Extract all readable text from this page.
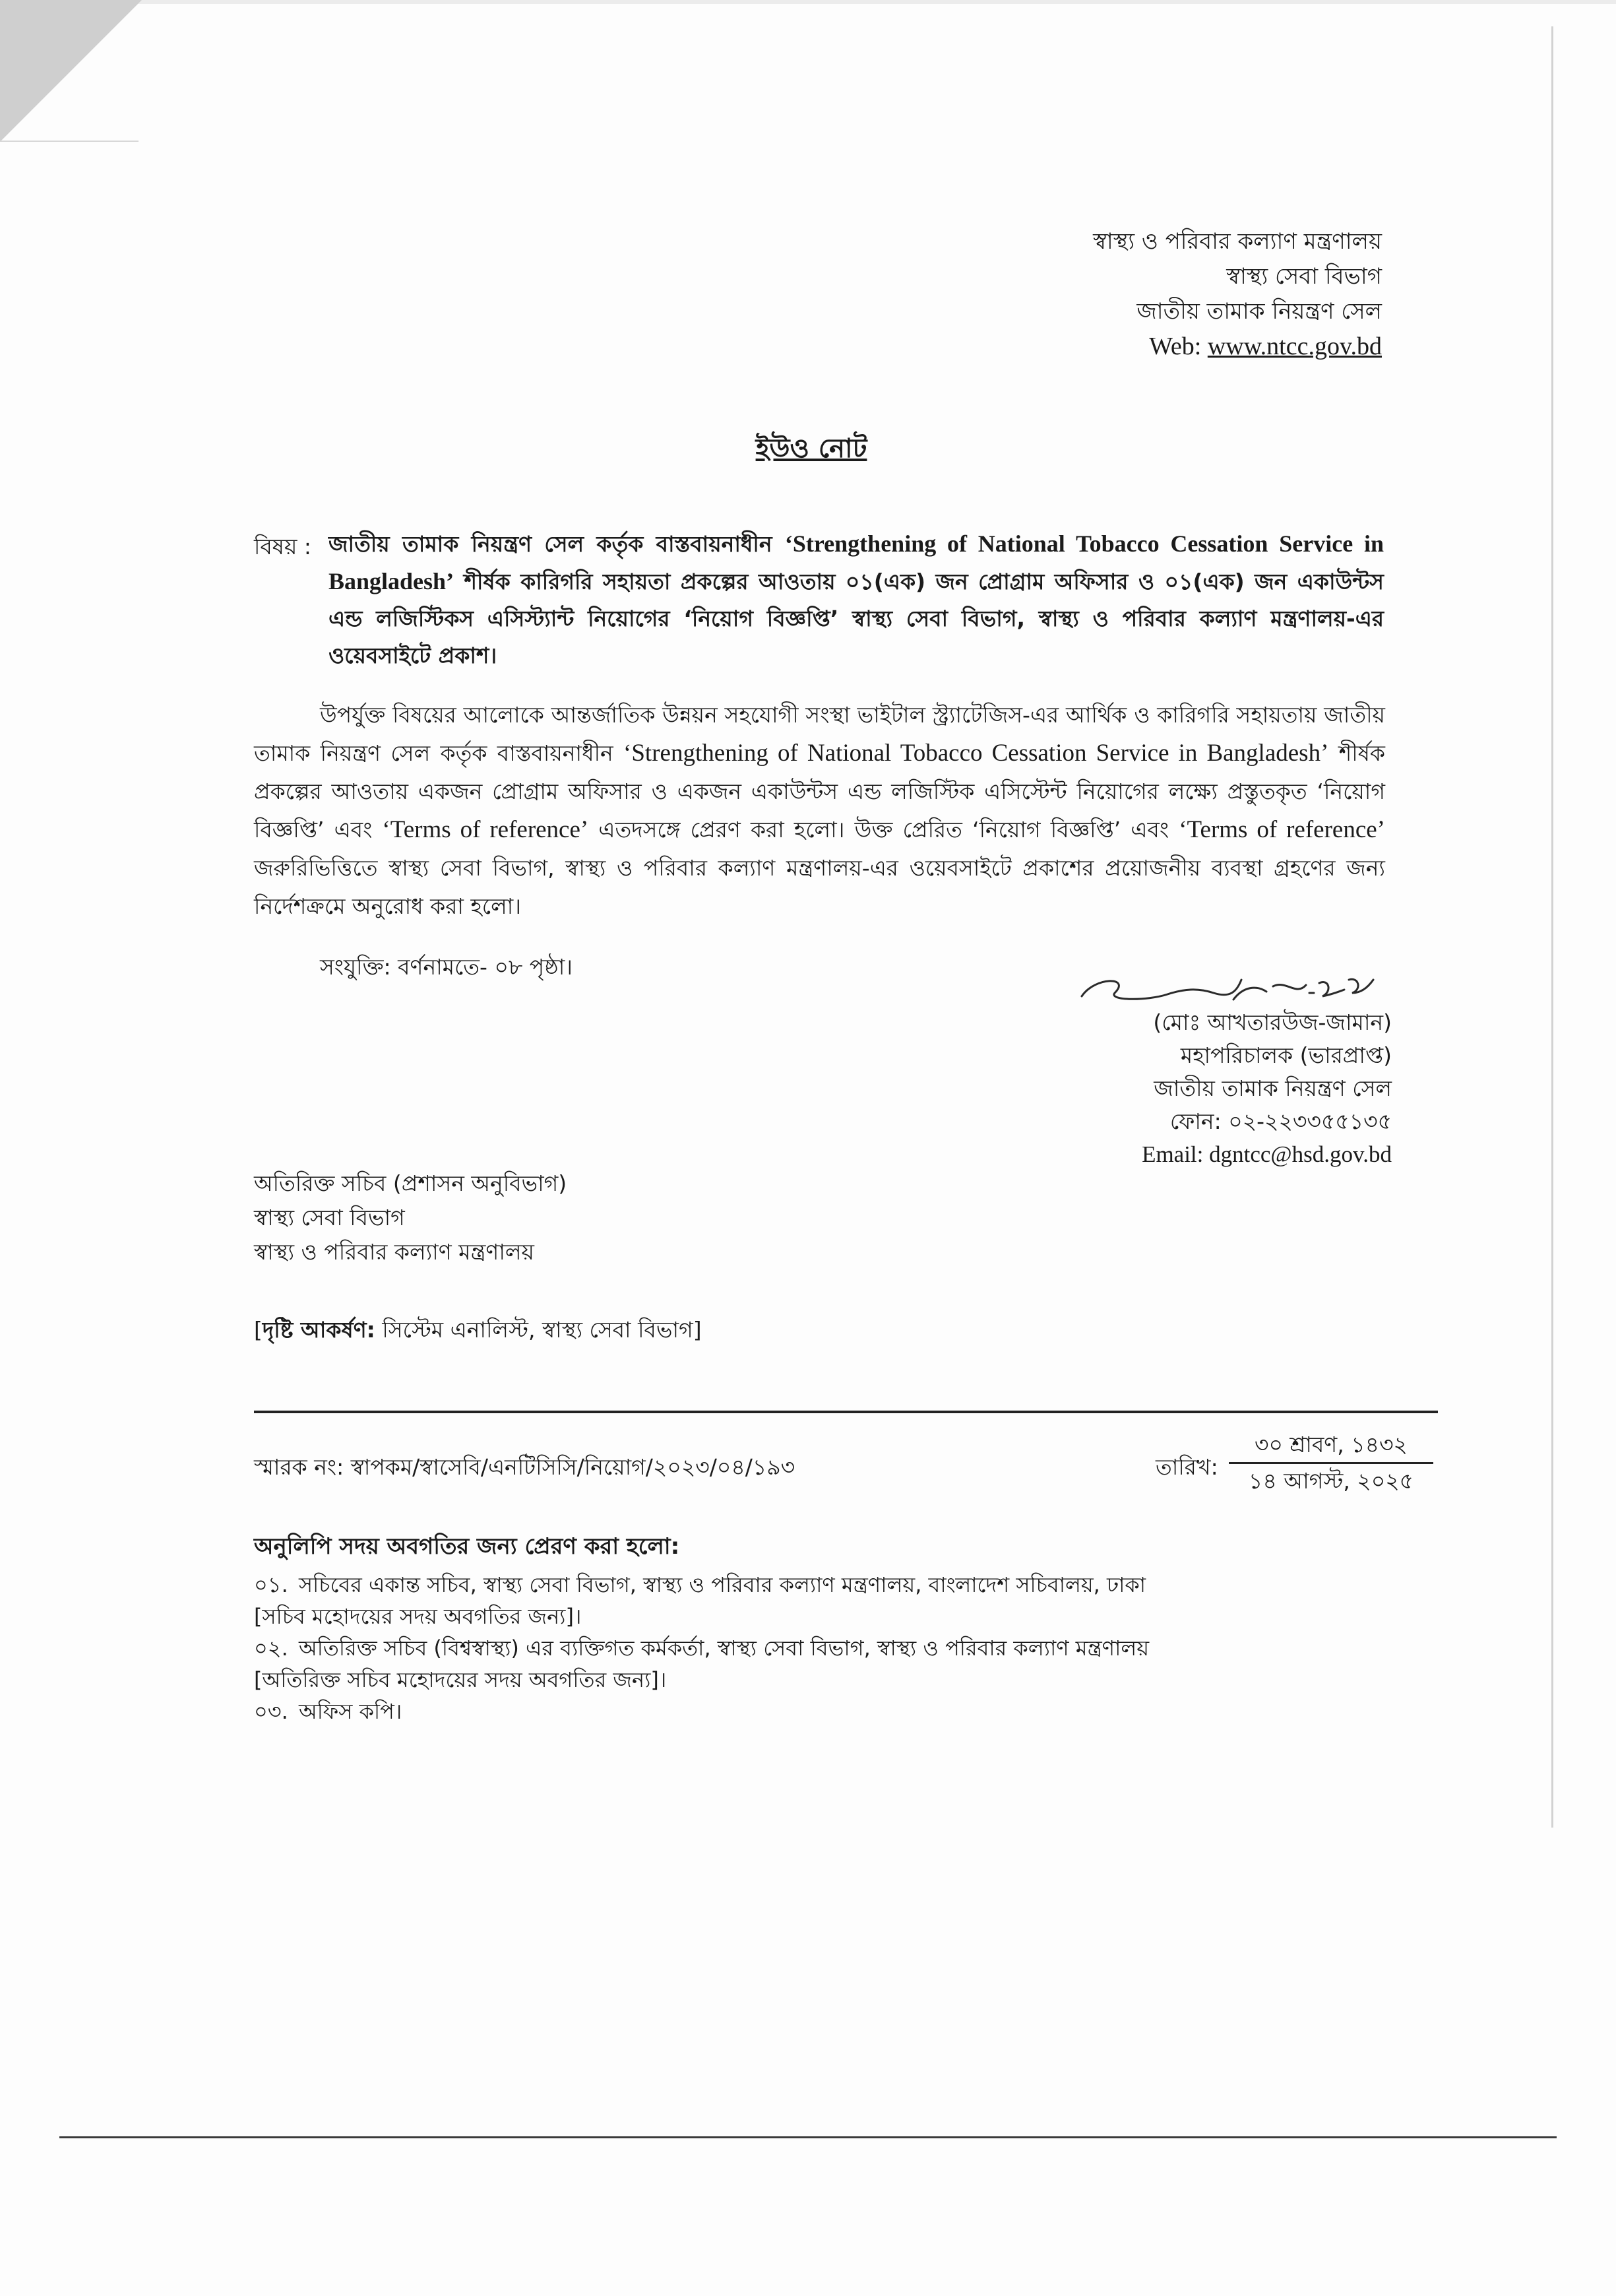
স্বাস্থ্য ও পরিবার কল্যাণ মন্ত্রণালয়
স্বাস্থ্য সেবা বিভাগ
জাতীয় তামাক নিয়ন্ত্রণ সেল
Web: www.ntcc.gov.bd
ইউও নোট
বিষয় : জাতীয় তামাক নিয়ন্ত্রণ সেল কর্তৃক বাস্তবায়নাধীন ‘Strengthening of National Tobacco Cessation Service in Bangladesh’ শীর্ষক কারিগরি সহায়তা প্রকল্পের আওতায় ০১(এক) জন প্রোগ্রাম অফিসার ও ০১(এক) জন একাউন্টস এন্ড লজিস্টিকস এসিস্ট্যান্ট নিয়োগের ‘নিয়োগ বিজ্ঞপ্তি’ স্বাস্থ্য সেবা বিভাগ, স্বাস্থ্য ও পরিবার কল্যাণ মন্ত্রণালয়-এর ওয়েবসাইটে প্রকাশ।
উপর্যুক্ত বিষয়ের আলোকে আন্তর্জাতিক উন্নয়ন সহযোগী সংস্থা ভাইটাল স্ট্র্যাটেজিস-এর আর্থিক ও কারিগরি সহায়তায় জাতীয় তামাক নিয়ন্ত্রণ সেল কর্তৃক বাস্তবায়নাধীন ‘Strengthening of National Tobacco Cessation Service in Bangladesh’ শীর্ষক প্রকল্পের আওতায় একজন প্রোগ্রাম অফিসার ও একজন একাউন্টস এন্ড লজিস্টিক এসিস্টেন্ট নিয়োগের লক্ষ্যে প্রস্তুতকৃত ‘নিয়োগ বিজ্ঞপ্তি’ এবং ‘Terms of reference’ এতদসঙ্গে প্রেরণ করা হলো। উক্ত প্রেরিত ‘নিয়োগ বিজ্ঞপ্তি’ এবং ‘Terms of reference’ জরুরিভিত্তিতে স্বাস্থ্য সেবা বিভাগ, স্বাস্থ্য ও পরিবার কল্যাণ মন্ত্রণালয়-এর ওয়েবসাইটে প্রকাশের প্রয়োজনীয় ব্যবস্থা গ্রহণের জন্য নির্দেশক্রমে অনুরোধ করা হলো।
সংযুক্তি: বর্ণনামতে- ০৮ পৃষ্ঠা।
(মোঃ আখতারউজ-জামান)
মহাপরিচালক (ভারপ্রাপ্ত)
জাতীয় তামাক নিয়ন্ত্রণ সেল
ফোন: ০২-২২৩৩৫৫১৩৫
Email: dgntcc@hsd.gov.bd
অতিরিক্ত সচিব (প্রশাসন অনুবিভাগ)
স্বাস্থ্য সেবা বিভাগ
স্বাস্থ্য ও পরিবার কল্যাণ মন্ত্রণালয়
[দৃষ্টি আকর্ষণ: সিস্টেম এনালিস্ট, স্বাস্থ্য সেবা বিভাগ]
স্মারক নং: স্বাপকম/স্বাসেবি/এনটিসিসি/নিয়োগ/২০২৩/০৪/১৯৩	তারিখ:
৩০ শ্রাবণ, ১৪৩২
১৪ আগস্ট, ২০২৫
অনুলিপি সদয় অবগতির জন্য প্রেরণ করা হলো:
০১. সচিবের একান্ত সচিব, স্বাস্থ্য সেবা বিভাগ, স্বাস্থ্য ও পরিবার কল্যাণ মন্ত্রণালয়, বাংলাদেশ সচিবালয়, ঢাকা
[সচিব মহোদয়ের সদয় অবগতির জন্য]।
০২. অতিরিক্ত সচিব (বিশ্বস্বাস্থ্য) এর ব্যক্তিগত কর্মকর্তা, স্বাস্থ্য সেবা বিভাগ, স্বাস্থ্য ও পরিবার কল্যাণ মন্ত্রণালয়
[অতিরিক্ত সচিব মহোদয়ের সদয় অবগতির জন্য]।
০৩. অফিস কপি।
